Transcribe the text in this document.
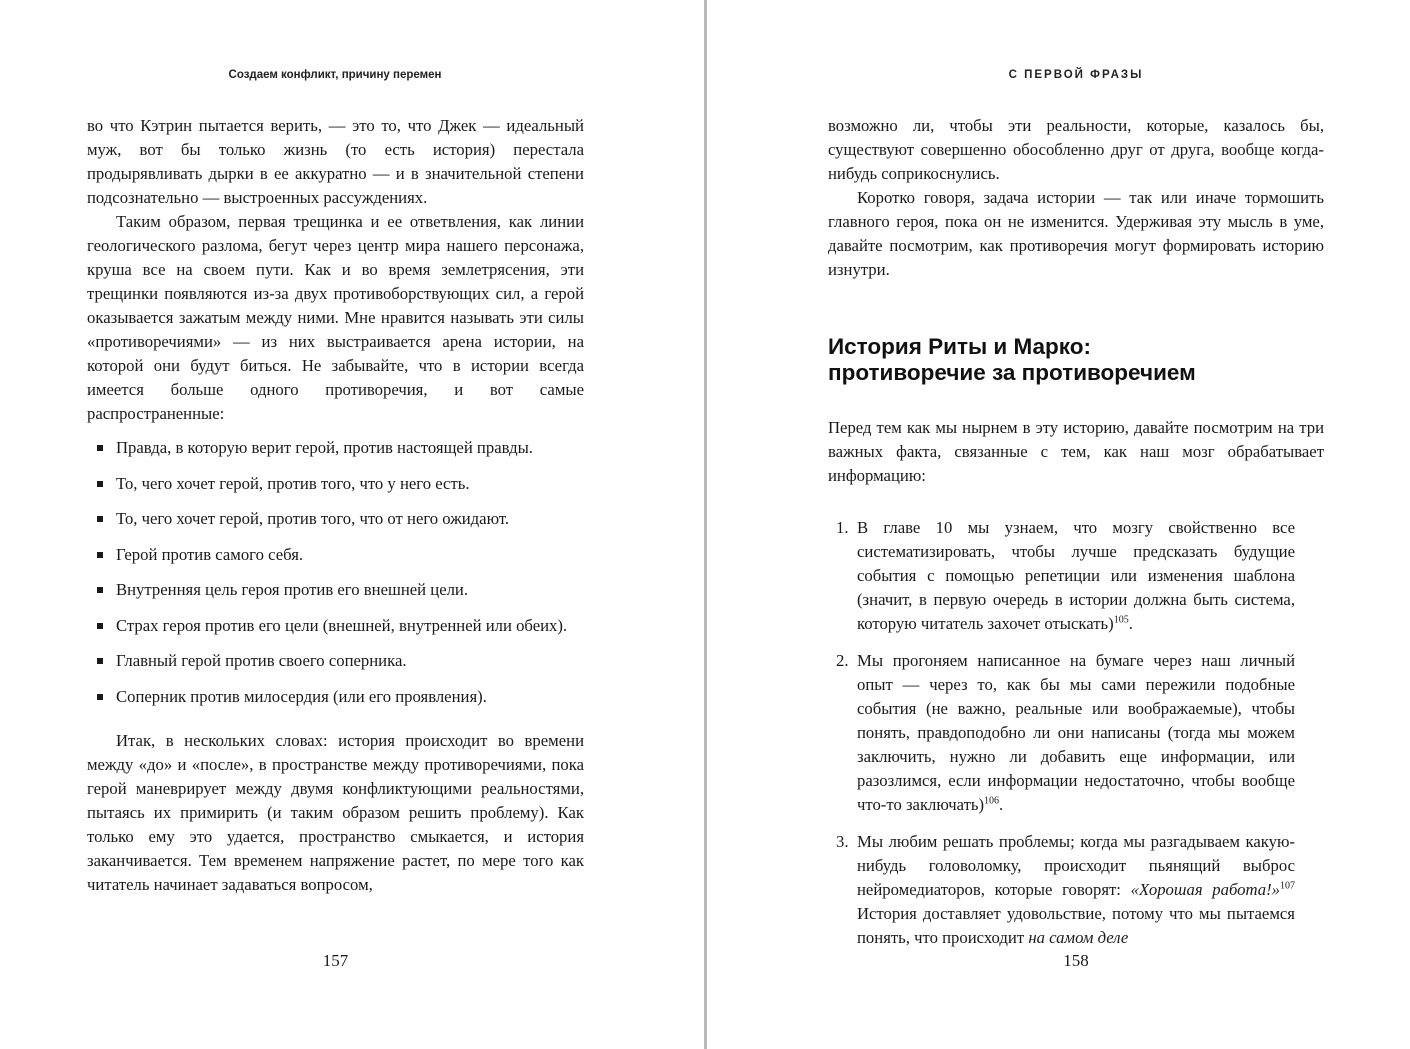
Создаем конфликт, причину перемен

во что Кэтрин пытается верить, — это то, что Джек — идеальный муж, вот бы только жизнь (то есть история) перестала продырявливать дырки в ее аккуратно — и в значительной степени подсознательно — выстроенных рассуждениях.

Таким образом, первая трещинка и ее ответвления, как линии геологического разлома, бегут через центр мира нашего персонажа, круша все на своем пути. Как и во время землетрясения, эти трещинки появляются из-за двух противоборствующих сил, а герой оказывается зажатым между ними. Мне нравится называть эти силы «противоречиями» — из них выстраивается арена истории, на которой они будут биться. Не забывайте, что в истории всегда имеется больше одного противоречия, и вот самые распространенные:

Правда, в которую верит герой, против настоящей правды.
То, чего хочет герой, против того, что у него есть.
То, чего хочет герой, против того, что от него ожидают.
Герой против самого себя.
Внутренняя цель героя против его внешней цели.
Страх героя против его цели (внешней, внутренней или обеих).
Главный герой против своего соперника.
Соперник против милосердия (или его проявления).

Итак, в нескольких словах: история происходит во времени между «до» и «после», в пространстве между противоречиями, пока герой маневрирует между двумя конфликтующими реальностями, пытаясь их примирить (и таким образом решить проблему). Как только ему это удается, пространство смыкается, и история заканчивается. Тем временем напряжение растет, по мере того как читатель начинает задаваться вопросом,

157
С ПЕРВОЙ ФРАЗЫ

возможно ли, чтобы эти реальности, которые, казалось бы, существуют совершенно обособленно друг от друга, вообще когда-нибудь соприкоснулись.

Коротко говоря, задача истории — так или иначе тормошить главного героя, пока он не изменится. Удерживая эту мысль в уме, давайте посмотрим, как противоречия могут формировать историю изнутри.

История Риты и Марко:
противоречие за противоречием

Перед тем как мы нырнем в эту историю, давайте посмотрим на три важных факта, связанные с тем, как наш мозг обрабатывает информацию:

1. В главе 10 мы узнаем, что мозгу свойственно все систематизировать, чтобы лучше предсказать будущие события с помощью репетиции или изменения шаблона (значит, в первую очередь в истории должна быть система, которую читатель захочет отыскать)$^{105}$.
2. Мы прогоняем написанное на бумаге через наш личный опыт — через то, как бы мы сами пережили подобные события (не важно, реальные или воображаемые), чтобы понять, правдоподобно ли они написаны (тогда мы можем заключить, нужно ли добавить еще информации, или разозлимся, если информации недостаточно, чтобы вообще что-то заключать)$^{106}$.
3. Мы любим решать проблемы; когда мы разгадываем какую-нибудь головоломку, происходит пьянящий выброс нейромедиаторов, которые говорят: «Хорошая работа!»$^{107}$ История доставляет удовольствие, потому что мы пытаемся понять, что происходит на самом деле
158
